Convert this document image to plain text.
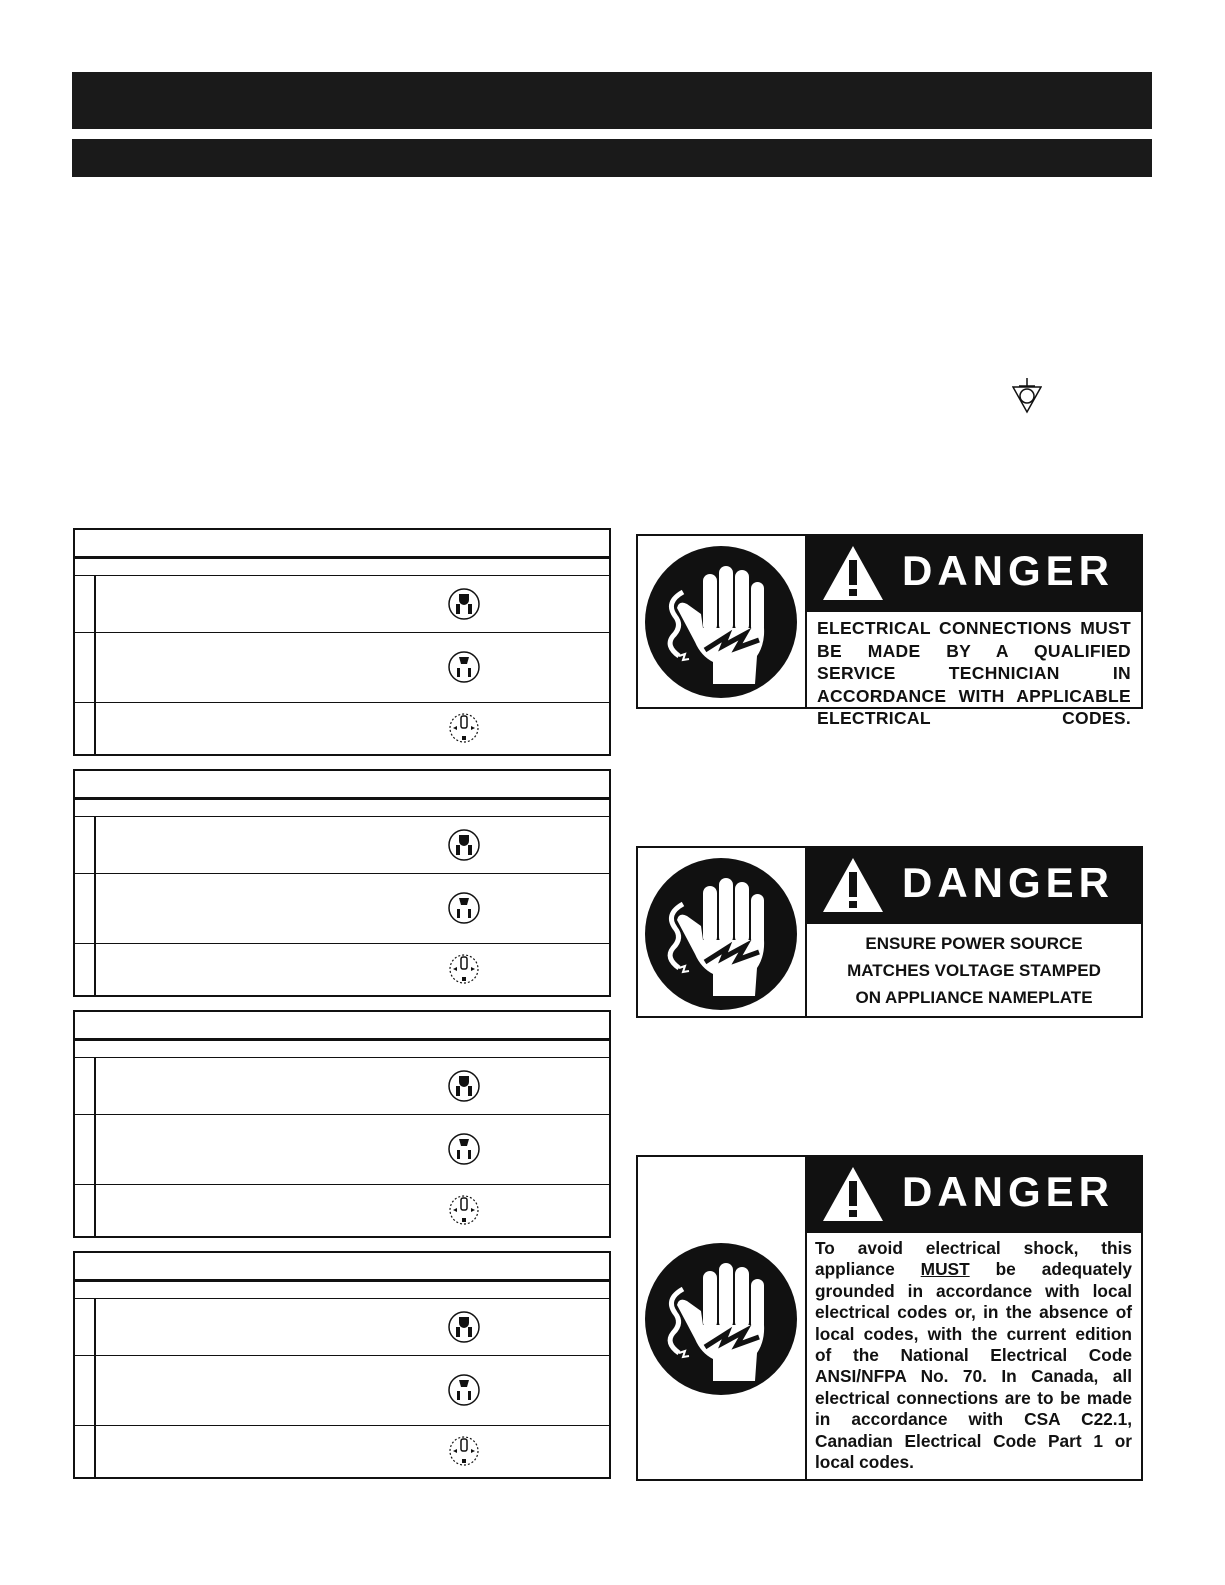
DANGER

ELECTRICAL CONNECTIONS MUST BE MADE BY A QUALIFIED SERVICE TECHNICIAN IN ACCORDANCE WITH APPLICABLE ELECTRICAL CODES.

DANGER

ENSURE POWER SOURCE
MATCHES VOLTAGE STAMPED
ON APPLIANCE NAMEPLATE

DANGER

To avoid electrical shock, this
appliance MUST be adequately
grounded in accordance with local
electrical codes or, in the absence of
local codes, with the current edition
of the National Electrical Code
ANSI/NFPA No. 70. In Canada, all
electrical connections are to be made
in accordance with CSA C22.1,
Canadian Electrical Code Part 1 or
local codes.
